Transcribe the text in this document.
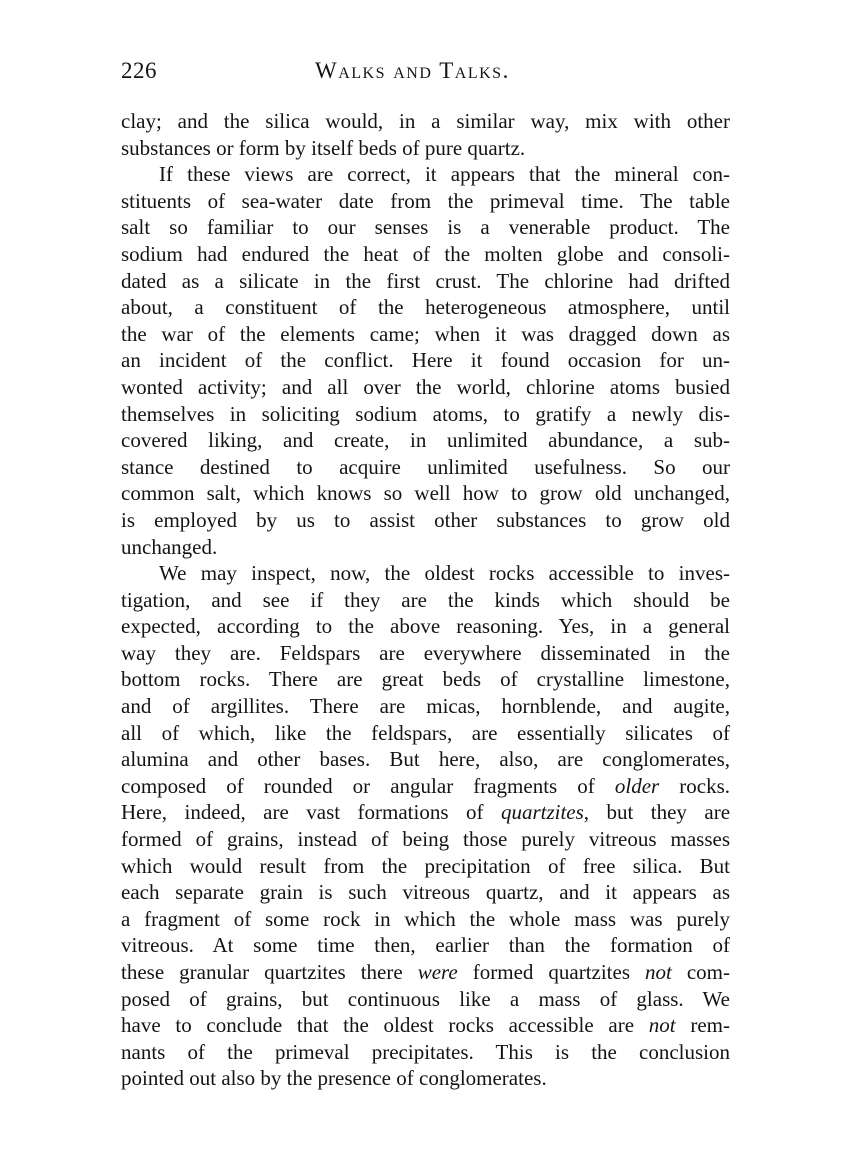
226	Walks and Talks.
clay; and the silica would, in a similar way, mix with other
substances or form by itself beds of pure quartz.
If these views are correct, it appears that the mineral con-
stituents of sea-water date from the primeval time. The table
salt so familiar to our senses is a venerable product. The
sodium had endured the heat of the molten globe and consoli-
dated as a silicate in the first crust. The chlorine had drifted
about, a constituent of the heterogeneous atmosphere, until
the war of the elements came; when it was dragged down as
an incident of the conflict. Here it found occasion for un-
wonted activity; and all over the world, chlorine atoms busied
themselves in soliciting sodium atoms, to gratify a newly dis-
covered liking, and create, in unlimited abundance, a sub-
stance destined to acquire unlimited usefulness. So our
common salt, which knows so well how to grow old unchanged,
is employed by us to assist other substances to grow old
unchanged.
We may inspect, now, the oldest rocks accessible to inves-
tigation, and see if they are the kinds which should be
expected, according to the above reasoning. Yes, in a general
way they are. Feldspars are everywhere disseminated in the
bottom rocks. There are great beds of crystalline limestone,
and of argillites. There are micas, hornblende, and augite,
all of which, like the feldspars, are essentially silicates of
alumina and other bases. But here, also, are conglomerates,
composed of rounded or angular fragments of older rocks.
Here, indeed, are vast formations of quartzites, but they are
formed of grains, instead of being those purely vitreous masses
which would result from the precipitation of free silica. But
each separate grain is such vitreous quartz, and it appears as
a fragment of some rock in which the whole mass was purely
vitreous. At some time then, earlier than the formation of
these granular quartzites there were formed quartzites not com-
posed of grains, but continuous like a mass of glass. We
have to conclude that the oldest rocks accessible are not rem-
nants of the primeval precipitates. This is the conclusion
pointed out also by the presence of conglomerates.
